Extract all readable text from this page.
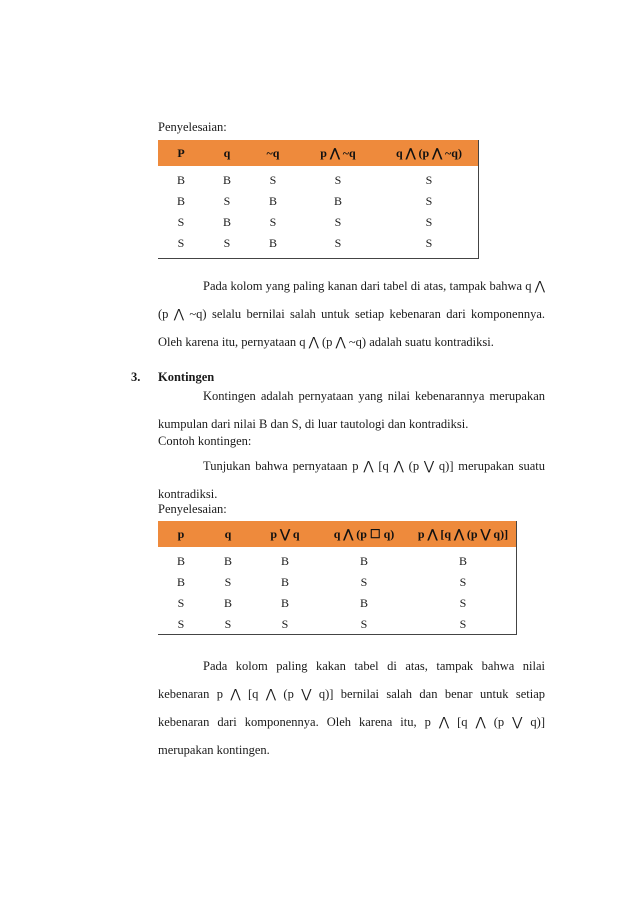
Penyelesaian:
P	q	~q	p ⋀ ~q	q ⋀ (p ⋀ ~q)
B	B	S	S	S
B	S	B	B	S
S	B	S	S	S
S	S	B	S	S
Pada kolom yang paling kanan dari tabel di atas, tampak bahwa q ⋀
(p ⋀ ~q) selalu bernilai salah untuk setiap kebenaran dari komponennya.
Oleh karena itu, pernyataan q ⋀ (p ⋀ ~q) adalah suatu kontradiksi.
3. Kontingen
Kontingen adalah pernyataan yang nilai kebenarannya merupakan
kumpulan dari nilai B dan S, di luar tautologi dan kontradiksi.
Contoh kontingen:
Tunjukan bahwa pernyataan p ⋀ [q ⋀ (p ⋁ q)] merupakan suatu
kontradiksi.
Penyelesaian:
p	q	p ⋁ q	q ⋀ (p ☐ q)	p ⋀ [q ⋀ (p ⋁ q)]
B	B	B	B	B
B	S	B	S	S
S	B	B	B	S
S	S	S	S	S
Pada kolom paling kakan tabel di atas, tampak bahwa nilai
kebenaran p ⋀ [q ⋀ (p ⋁ q)] bernilai salah dan benar untuk setiap
kebenaran dari komponennya. Oleh karena itu, p ⋀ [q ⋀ (p ⋁ q)]
merupakan kontingen.
